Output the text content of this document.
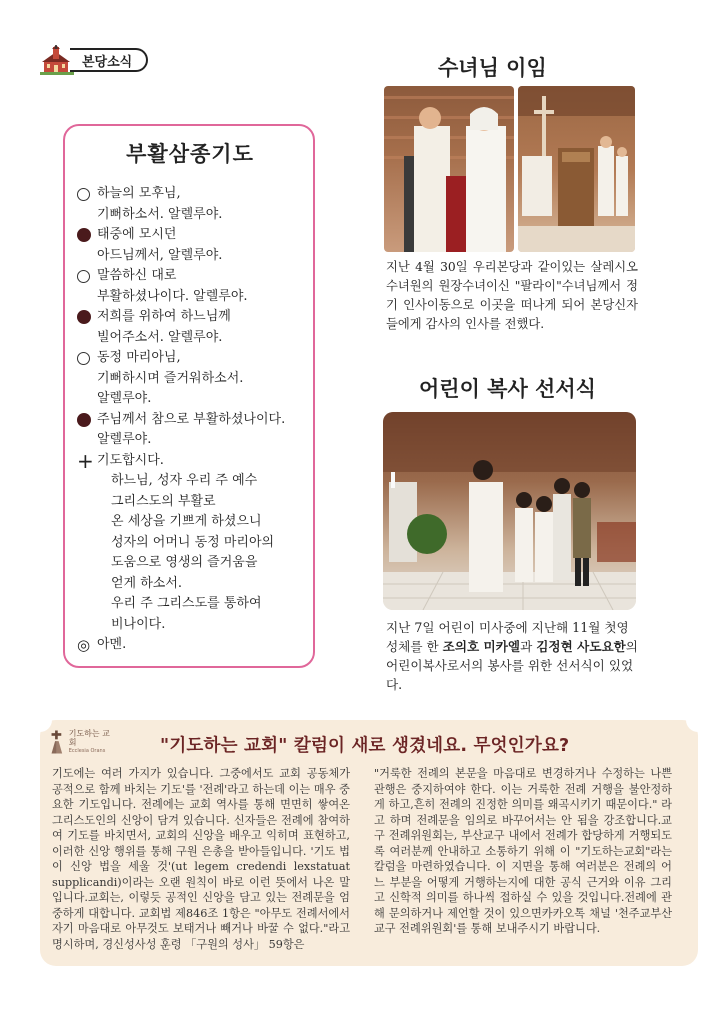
본당소식
부활삼종기도
하늘의 모후님,
기뻐하소서. 알렐루야.
태중에 모시던
아드님께서, 알렐루야.
말씀하신 대로
부활하셨나이다. 알렐루야.
저희를 위하여 하느님께
빌어주소서. 알렐루야.
동정 마리아님,
기뻐하시며 즐거워하소서.
알렐루야.
주님께서 참으로 부활하셨나이다.
알렐루야.
+ 기도합시다.
하느님, 성자 우리 주 예수
그리스도의 부활로
온 세상을 기쁘게 하셨으니
성자의 어머니 동정 마리아의
도움으로 영생의 즐거움을
얻게 하소서.
우리 주 그리스도를 통하여
비나이다.
◎ 아멘.
수녀님 이임
지난 4월 30일 우리본당과 같이있는 살레시오 수녀원의 원장수녀이신 "팔라이"수녀님께서 정기 인사이동으로 이곳을 떠나게 되어 본당신자들에게 감사의 인사를 전했다.
어린이 복사 선서식
지난 7일 어린이 미사중에 지난해 11월 첫영성체를 한 조의호 미카엘과 김정현 사도요한의 어린이복사로서의 봉사를 위한 선서식이 있었다.
기도하는 교회
Ecclesia Orans	"기도하는 교회" 칼럼이 새로 생겼네요. 무엇인가요?
기도에는 여러 가지가 있습니다. 그중에서도 교회 공동체가 공적으로 함께 바치는 기도'를 '전례'라고 하는데 이는 매우 중요한 기도입니다. 전례에는 교회 역사를 통해 면면히 쌓여온 그리스도인의 신앙이 담겨 있습니다. 신자들은 전례에 참여하여 기도를 바치면서, 교회의 신앙을 배우고 익히며 표현하고, 이러한 신앙 행위를 통해 구원 은총을 받아들입니다. '기도 법이 신앙 법을 세울 것'(ut legem credendi lexstatuat supplicandi)이라는 오랜 원칙이 바로 이런 뜻에서 나온 말입니다.교회는, 이렇듯 공적인 신앙을 담고 있는 전례문을 엄중하게 대합니다. 교회법 제846조 1항은 "아무도 전례서에서 자기 마음대로 아무것도 보태거나 빼거나 바꿀 수 없다."라고 명시하며, 경신성사성 훈령 「구원의 성사」 59항은
"거룩한 전례의 본문을 마음대로 변경하거나 수정하는 나쁜 관행은 중지하여야 한다. 이는 거룩한 전례 거행을 불안정하게 하고,흔히 전례의 진정한 의미를 왜곡시키기 때문이다." 라고 하며 전례문을 임의로 바꾸어서는 안 됨을 강조합니다.교구 전례위원회는, 부산교구 내에서 전례가 합당하게 거행되도록 여러분께 안내하고 소통하기 위해 이 "기도하는교회"라는 칼럼을 마련하였습니다. 이 지면을 통해 여러분은 전례의 어느 부분을 어떻게 거행하는지에 대한 공식 근거와 이유 그리고 신학적 의미를 하나씩 접하실 수 있을 것입니다.전례에 관해 문의하거나 제언할 것이 있으면카카오톡 채널 '천주교부산교구 전례위원회'를 통해 보내주시기 바랍니다.
